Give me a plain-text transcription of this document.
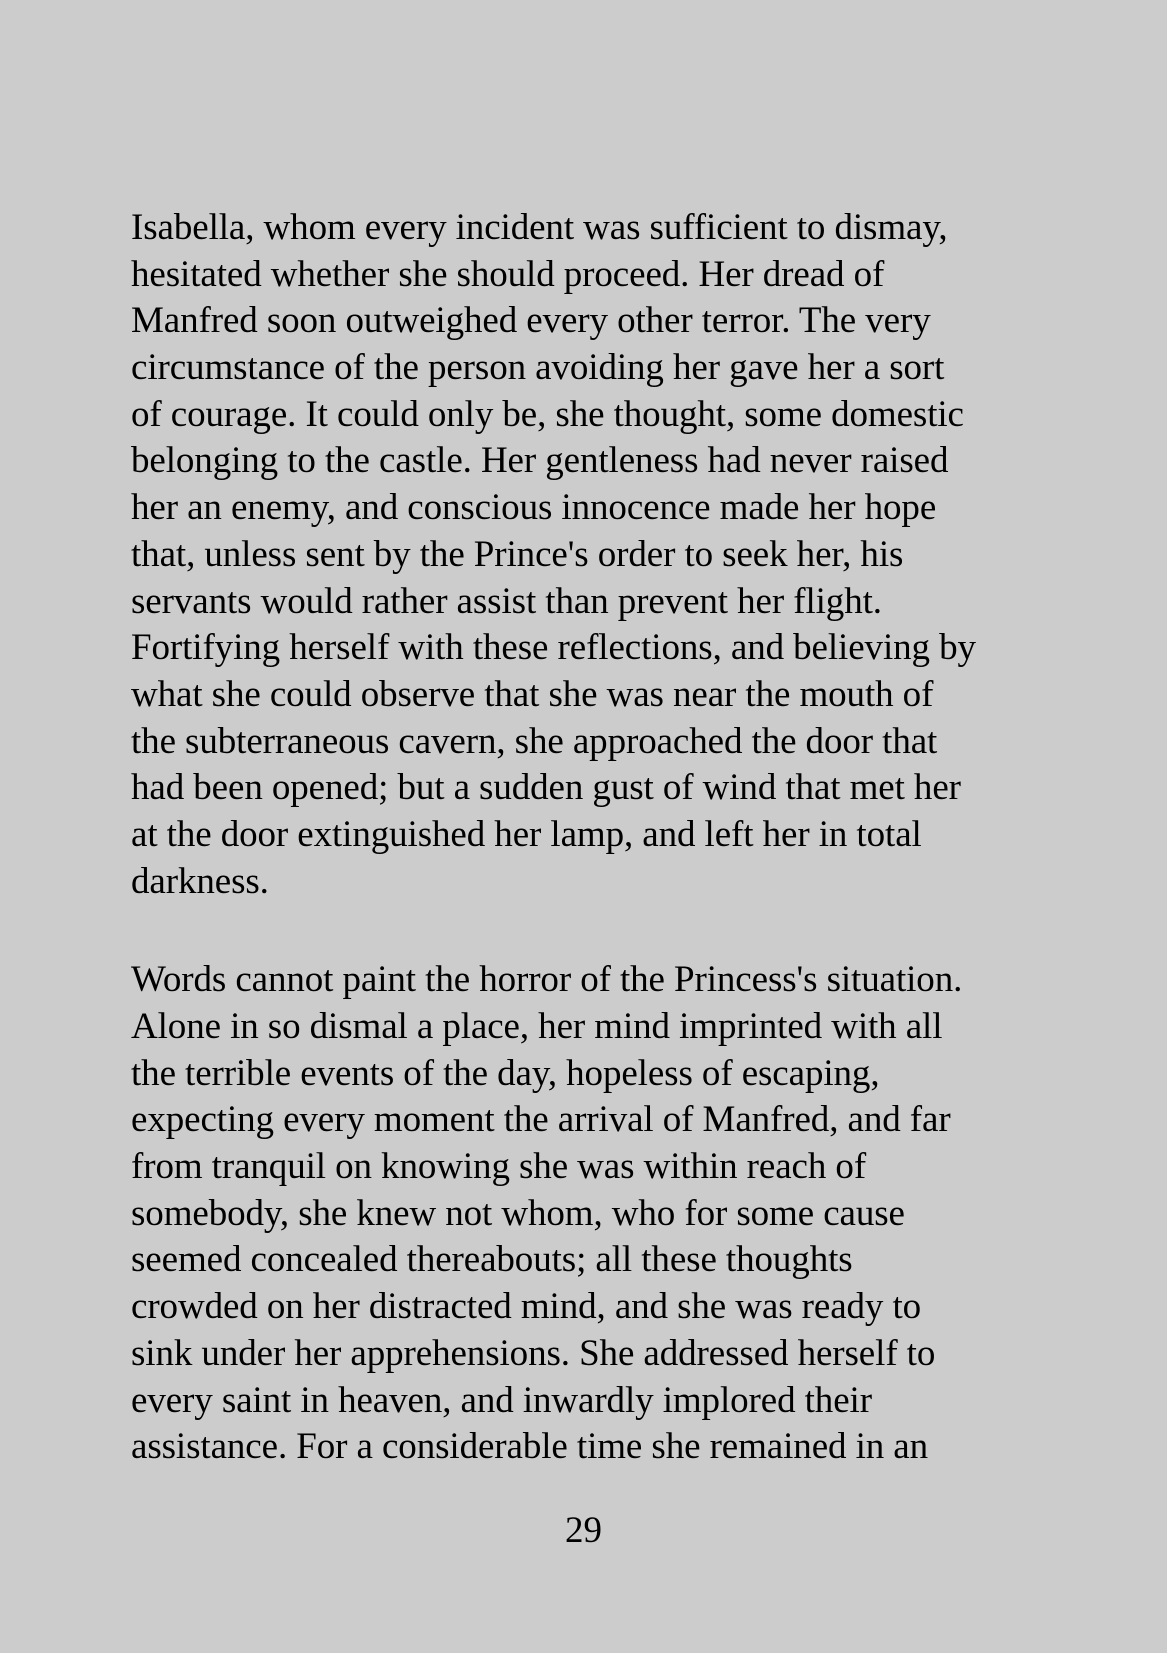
Isabella, whom every incident was sufficient to dismay,
hesitated whether she should proceed. Her dread of
Manfred soon outweighed every other terror. The very
circumstance of the person avoiding her gave her a sort
of courage. It could only be, she thought, some domestic
belonging to the castle. Her gentleness had never raised
her an enemy, and conscious innocence made her hope
that, unless sent by the Prince's order to seek her, his
servants would rather assist than prevent her flight.
Fortifying herself with these reflections, and believing by
what she could observe that she was near the mouth of
the subterraneous cavern, she approached the door that
had been opened; but a sudden gust of wind that met her
at the door extinguished her lamp, and left her in total
darkness.
Words cannot paint the horror of the Princess's situation.
Alone in so dismal a place, her mind imprinted with all
the terrible events of the day, hopeless of escaping,
expecting every moment the arrival of Manfred, and far
from tranquil on knowing she was within reach of
somebody, she knew not whom, who for some cause
seemed concealed thereabouts; all these thoughts
crowded on her distracted mind, and she was ready to
sink under her apprehensions. She addressed herself to
every saint in heaven, and inwardly implored their
assistance. For a considerable time she remained in an
29
